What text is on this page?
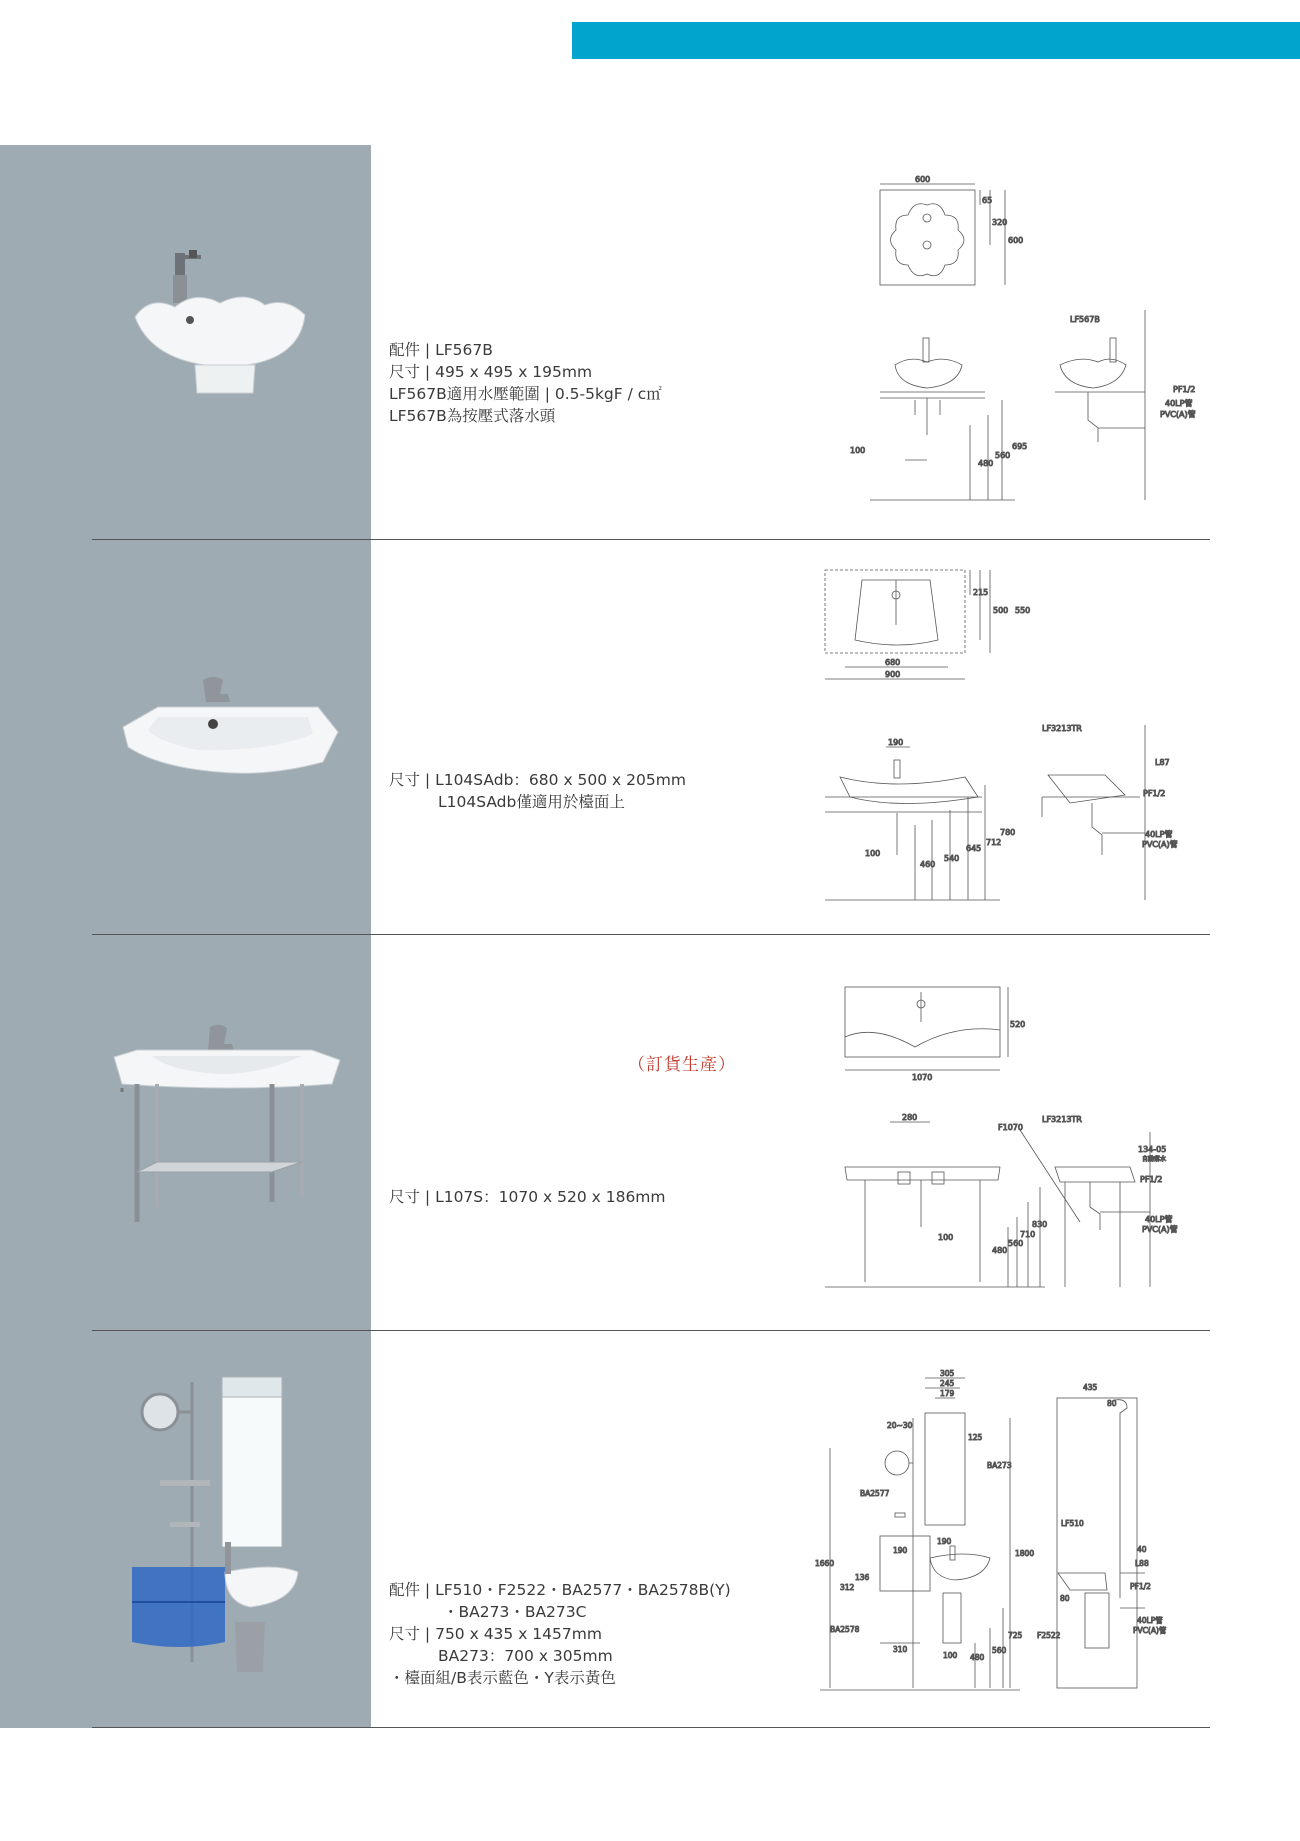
配件 | LF567B
尺寸 | 495 x 495 x 195mm
LF567B適用水壓範圍 | 0.5-5kgF / c㎡
LF567B為按壓式落水頭
600
65
320
600
LF567B
PF1/2
40LP管
PVC(A)管
100	695
560
480
尺寸 | L104SAdb：680 x 500 x 205mm
L104SAdb僅適用於檯面上
215
500 550
680
900
190
LF3213TR
L87
PF1/2
40LP管
PVC(A)管
100
460
540
645
712
780
（訂貨生產）
尺寸 | L107S：1070 x 520 x 186mm
520
1070
280
F1070
LF3213TR
134-05
自動落水
PF1/2
40LP管
PVC(A)管
100
480
560
710
830
配件 | LF510・F2522・BA2577・BA2578B(Y)
・BA273・BA273C
尺寸 | 750 x 435 x 1457mm
BA273：700 x 305mm
・檯面組/B表示藍色・Y表示黃色
305
245
179
20~30
125
BA273
BA2577
1660
1800
190
190
136
312
BA2578
310
100 480
560
725 F2522
435
80
LF510
40
L88
PF1/2
80
40LP管
PVC(A)管
